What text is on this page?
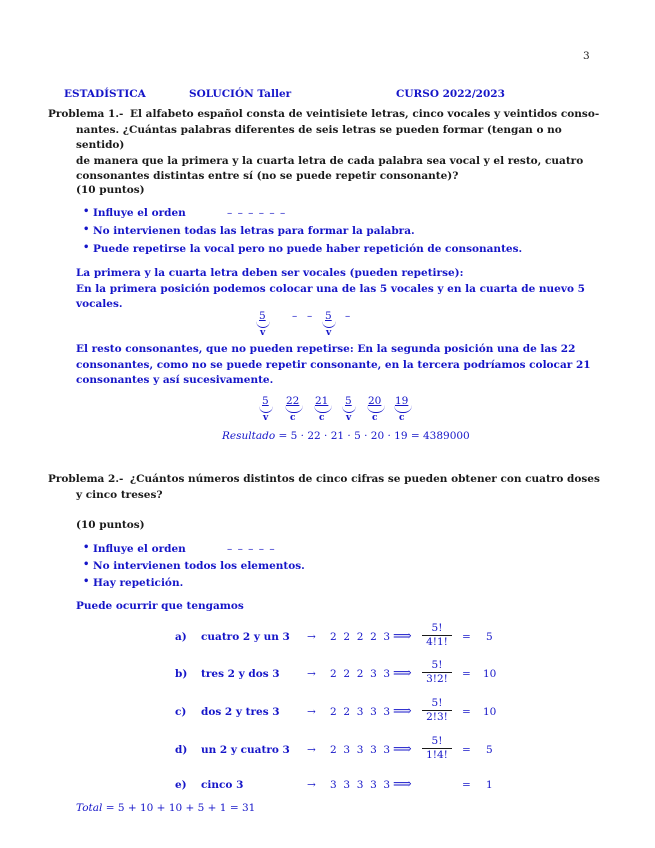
3
ESTADÍSTICA	SOLUCIÓN Taller	CURSO 2022/2023

Problema 1.- El alfabeto español consta de veintisiete letras, cinco vocales y veintidos conso-

nantes. ¿Cuántas palabras diferentes de seis letras se pueden formar (tengan o no sentido)

de manera que la primera y la cuarta letra de cada palabra sea vocal y el resto, cuatro

consonantes distintas entre sí (no se puede repetir consonante)?

(10 puntos)
• Influye el orden	– – – – – –
• No intervienen todas las letras para formar la palabra.
• Puede repetirse la vocal pero no puede haber repetición de consonantes.

La primera y la cuarta letra deben ser vocales (pueden repetirse):

En la primera posición podemos colocar una de las 5 vocales y en la cuarta de nuevo 5

vocales.

5
v
– – 5
v
–

El resto consonantes, que no pueden repetirse: En la segunda posición una de las 22

consonantes, como no se puede repetir consonante, en la tercera podríamos colocar 21

consonantes y así sucesivamente.

5
v
22
c
21
c
5
v
20
c
19
c
Resultado = 5 · 22 · 21 · 5 · 20 · 19 = 4389000

Problema 2.- ¿Cuántos números distintos de cinco cifras se pueden obtener con cuatro doses

y cinco treses?

(10 puntos)
• Influye el orden	– – – – –
• No intervienen todos los elementos.
• Hay repetición.
Puede ocurrir que tengamos
a) cuatro 2 y un 3 → 2  2  2  2  3 ⟹ $\frac{5!}{4!1!} = 5$
b) tres 2 y dos 3	→ 2  2  2  3  3 ⟹ $\frac{5!}{3!2!} = 10$
c) dos 2 y tres 3	→ 2  2  3  3  3 ⟹ $\frac{5!}{2!3!} = 10$
d) un 2 y cuatro 3 → 2  3  3  3  3 ⟹ $\frac{5!}{1!4!} = 5$
e) cinco 3	→ 3  3  3  3  3 ⟹	= 1
Total = 5 + 10 + 10 + 5 + 1 = 31
